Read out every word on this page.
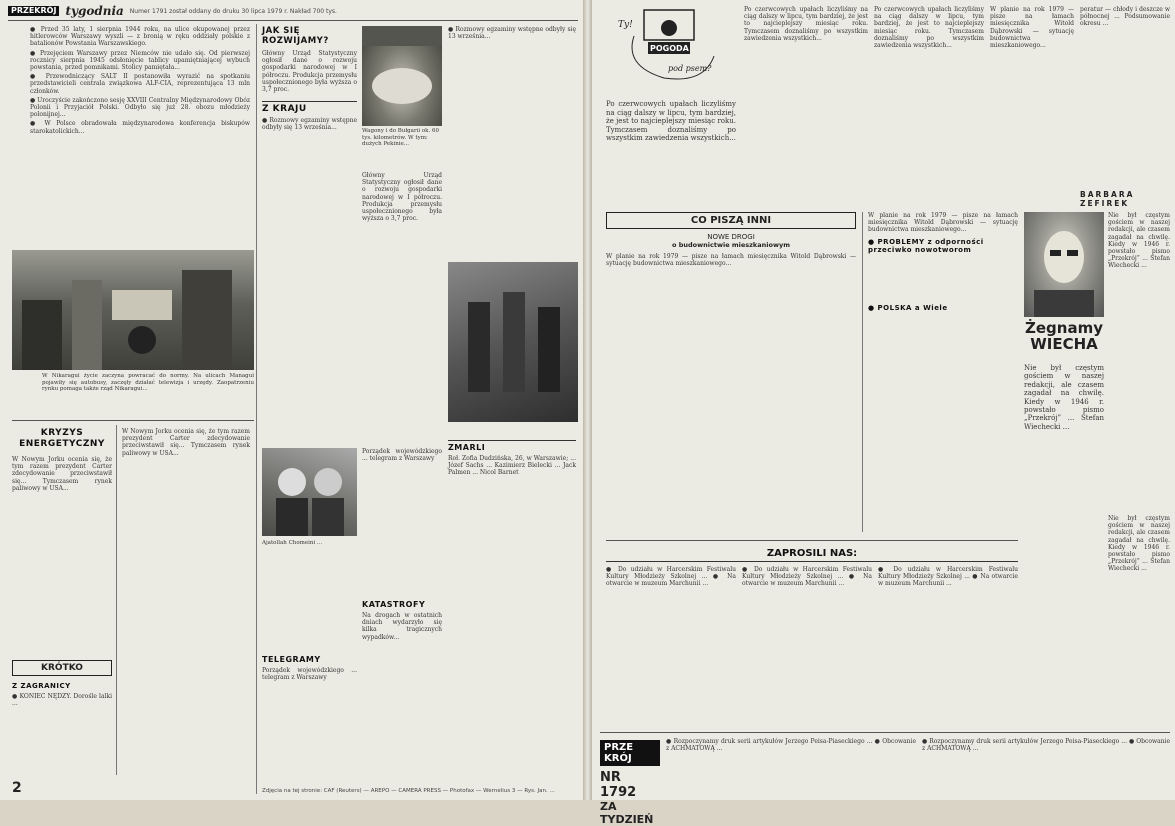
PRZEKRÓJ tygodnia Numer 1791 został oddany do druku 30 lipca 1979 r. Nakład 700 tys.

● Przed 35 laty, 1 sierpnia 1944 roku, na ulice okupowanej przez hitlerowców Warszawy wyszli — z bronią w ręku oddziały polskie z batalionów Powstania Warszawskiego.

● Przejęciem Warszawy przez Niemców nie udało się. Od pierwszej rocznicy sierpnia 1945 odsłonięcie tablicy upamiętniającej wybuch powstania, przed pomnikami. Stolicy pamiętała...

● Przewodniczący SALT II postanowiła wyrazić na spotkaniu przedstawicieli centrala związkowa ALF-CIA, reprezentująca 13 mln członków.

● Uroczyście zakończono sesję XXVIII Centralny Międzynarodowy Obóz Polonii i Przyjaciół Polski. Odbyło się już 28. obozu młodzieży polonijnej...

● W Polsce obradowała międzynarodowa konferencja biskupów starokatolickich...

W Nikaragui życie zaczyna powracać do normy. Na ulicach Managui pojawiły się autobusy, zaczęły działać telewizja i urzędy. Zaopatrzeniu rynku pomaga także rząd Nikaragui...
KRYZYS ENERGETYCZNY
W Nowym Jorku ocenia się, że tym razem prezydent Carter zdecydowanie przeciwstawił się... Tymczasem rynek paliwowy w USA...
KRÓTKO
Z ZAGRANICY
● KONIEC NĘDZY. Dorośle lalki ...
2

W Nowym Jorku ocenia się, że tym razem prezydent Carter zdecydowanie przeciwstawił się... Tymczasem rynek paliwowy w USA...

JAK SIĘ ROZWIJAMY?
Główny Urząd Statystyczny ogłosił dane o rozwoju gospodarki narodowej w I półroczu. Produkcja przemysłu uspołecznionego była wyższa o 3,7 proc.
Z KRAJU
● Rozmowy egzaminy wstępne odbyły się 13 września...	Wagony i do Bułgarii ok. 60 tys. kilometrów. W tym: dużych Pekinie...

Główny Urząd Statystyczny ogłosił dane o rozwoju gospodarki narodowej w I półroczu. Produkcja przemysłu uspołecznionego była wyższa o 3,7 proc.

● Rozmowy egzaminy wstępne odbyły się 13 września...

Ajatollah Chomeini ...
TELEGRAMY
Porządek wojewódzkiego ... telegram z Warszawy
KATASTROFY
Na drogach w ostatnich dniach wydarzyło się kilka tragicznych wypadków...

Porządek wojewódzkiego ... telegram z Warszawy

ZMARLI
Roł. Zofia Dudzińska, 26, w Warszawie; ... Józef Sachs ... Kazimierz Bielecki ... Jack Palmen ... Nicol Barnet
Zdjęcia na tej stronie: CAF (Reuters) — AREPO — CAMERA PRESS — Photofax — Wernelius 3 — Rys. Jan. ...
Ty!
POGODA
pod psem?
Po czerwcowych upałach liczyliśmy na ciąg dalszy w lipcu, tym bardziej, że jest to najcieplejszy miesiąc roku. Tymczasem doznaliśmy po wszystkim zawiedzenia wszystkich...
Po czerwcowych upałach liczyliśmy na ciąg dalszy w lipcu, tym bardziej, że jest to najcieplejszy miesiąc roku. Tymczasem doznaliśmy po wszystkim zawiedzenia wszystkich...
Po czerwcowych upałach liczyliśmy na ciąg dalszy w lipcu, tym bardziej, że jest to najcieplejszy miesiąc roku. Tymczasem doznaliśmy po wszystkim zawiedzenia wszystkich...
W planie na rok 1979 — pisze na łamach miesięcznika Witold Dąbrowski — sytuację budownictwa mieszkaniowego...
peratur — chłody i deszcze w północnej ... Podsumowanie okresu ...
BARBARA ZEFIREK
CO PISZĄ INNI
NOWE DROGI
o budownictwie mieszkaniowym
W planie na rok 1979 — pisze na łamach miesięcznika Witold Dąbrowski — sytuację budownictwa mieszkaniowego...
W planie na rok 1979 — pisze na łamach miesięcznika Witold Dąbrowski — sytuację budownictwa mieszkaniowego...
● PROBLEMY z odporności przeciwko nowotworom
● POLSKA a Wiele
Nie był częstym gościem w naszej redakcji, ale czasem zagadał na chwilę. Kiedy w 1946 r. powstało pismo „Przekrój” ... Stefan Wiechecki ...
Żegnamy
WIECHA
Nie był częstym gościem w naszej redakcji, ale czasem zagadał na chwilę. Kiedy w 1946 r. powstało pismo „Przekrój” ... Stefan Wiechecki ...
Nie był częstym gościem w naszej redakcji, ale czasem zagadał na chwilę. Kiedy w 1946 r. powstało pismo „Przekrój” ... Stefan Wiechecki ...
ZAPROSILI NAS:
● Do udziału w Harcerskim Festiwalu Kultury Młodzieży Szkolnej ... ● Na otwarcie w muzeum Marchunii ...
● Do udziału w Harcerskim Festiwalu Kultury Młodzieży Szkolnej ... ● Na otwarcie w muzeum Marchunii ...
● Do udziału w Harcerskim Festiwalu Kultury Młodzieży Szkolnej ... ● Na otwarcie w muzeum Marchunii ...
PRZE KRÓJ
NR 1792
ZA TYDZIEŃ
● Rozpoczynamy druk serii artykułów Jerzego Peisa-Piaseckiego ... ● Obcowanie z ACHMATOWĄ ...
● Rozpoczynamy druk serii artykułów Jerzego Peisa-Piaseckiego ... ● Obcowanie z ACHMATOWĄ ...
